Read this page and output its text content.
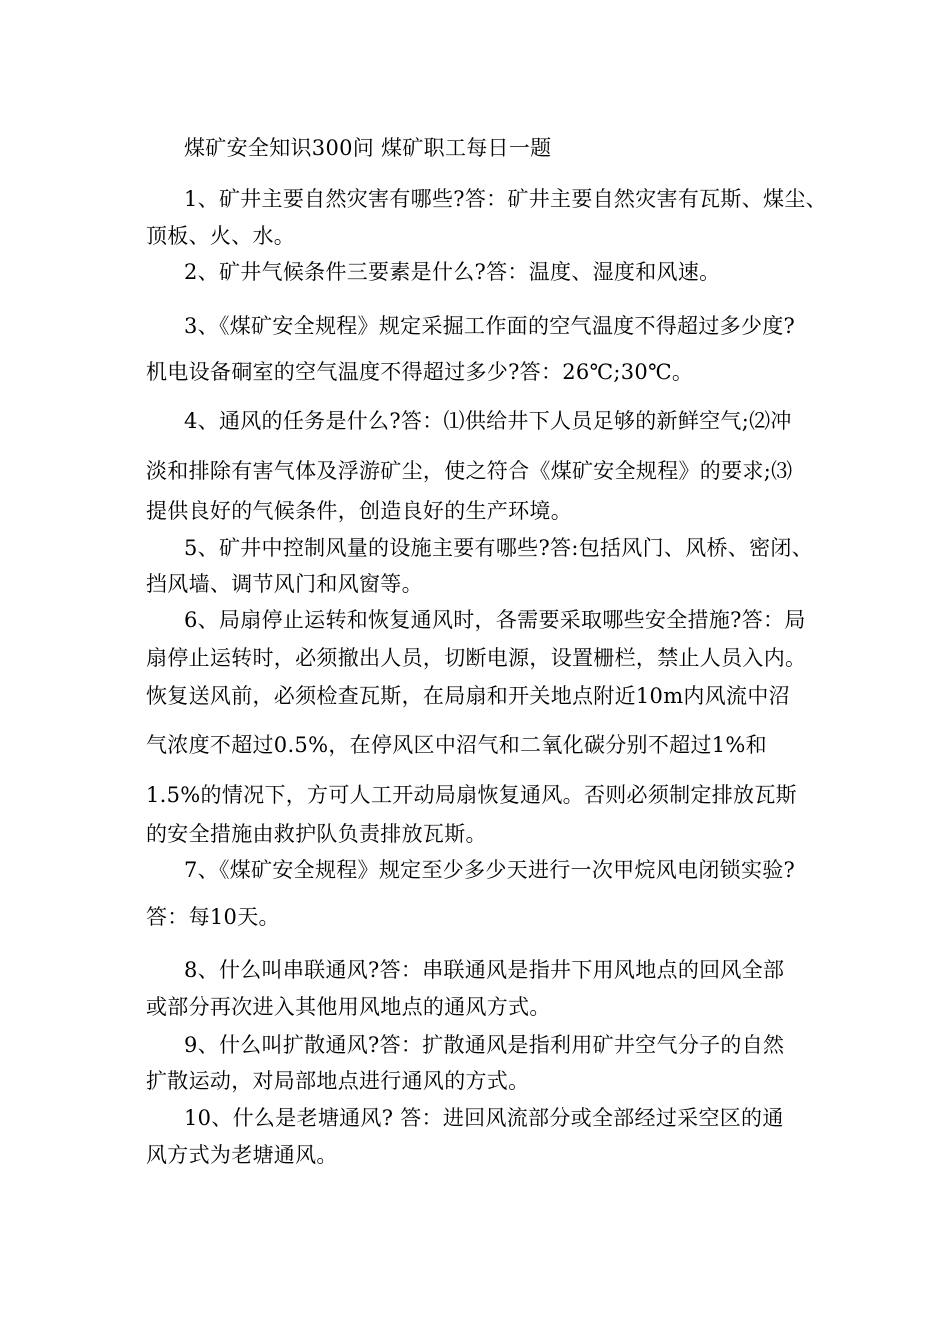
煤矿安全知识300问 煤矿职工每日一题
1、矿井主要自然灾害有哪些?答：矿井主要自然灾害有瓦斯、煤尘、
顶板、火、水。
2、矿井气候条件三要素是什么?答：温度、湿度和风速。
3、《煤矿安全规程》规定采掘工作面的空气温度不得超过多少度?
机电设备硐室的空气温度不得超过多少?答：26℃;30℃。
4、通风的任务是什么?答：⑴供给井下人员足够的新鲜空气;⑵冲
淡和排除有害气体及浮游矿尘，使之符合《煤矿安全规程》的要求;⑶
提供良好的气候条件，创造良好的生产环境。
5、矿井中控制风量的设施主要有哪些?答:包括风门、风桥、密闭、
挡风墙、调节风门和风窗等。
6、局扇停止运转和恢复通风时，各需要采取哪些安全措施?答：局
扇停止运转时，必须撤出人员，切断电源，设置栅栏，禁止人员入内。
恢复送风前，必须检查瓦斯，在局扇和开关地点附近10m内风流中沼
气浓度不超过0.5%，在停风区中沼气和二氧化碳分别不超过1%和
1.5%的情况下，方可人工开动局扇恢复通风。否则必须制定排放瓦斯
的安全措施由救护队负责排放瓦斯。
7、《煤矿安全规程》规定至少多少天进行一次甲烷风电闭锁实验?
答：每10天。
8、什么叫串联通风?答：串联通风是指井下用风地点的回风全部
或部分再次进入其他用风地点的通风方式。
9、什么叫扩散通风?答：扩散通风是指利用矿井空气分子的自然
扩散运动，对局部地点进行通风的方式。
10、什么是老塘通风? 答：进回风流部分或全部经过采空区的通
风方式为老塘通风。
